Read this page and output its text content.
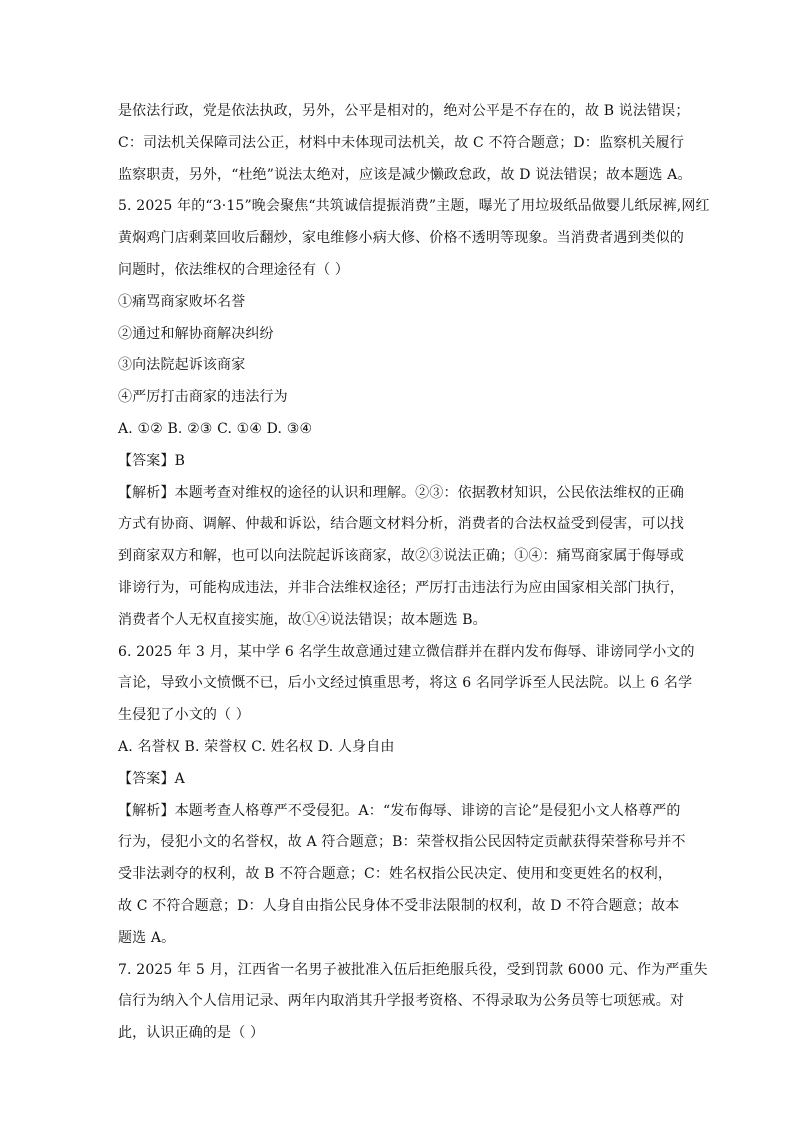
是依法行政，党是依法执政，另外，公平是相对的，绝对公平是不存在的，故 B 说法错误；
C：司法机关保障司法公正，材料中未体现司法机关，故 C 不符合题意；D：监察机关履行
监察职责，另外，“杜绝”说法太绝对，应该是减少懒政怠政，故 D 说法错误；故本题选 A。
5. 2025 年的“3·15”晚会聚焦“共筑诚信提振消费”主题，曝光了用垃圾纸品做婴儿纸尿裤,网红
黄焖鸡门店剩菜回收后翻炒，家电维修小病大修、价格不透明等现象。当消费者遇到类似的
问题时，依法维权的合理途径有（ ）
①痛骂商家败坏名誉
②通过和解协商解决纠纷
③向法院起诉该商家
④严厉打击商家的违法行为
A. ①② B. ②③ C. ①④ D. ③④
【答案】B
【解析】本题考查对维权的途径的认识和理解。②③：依据教材知识，公民依法维权的正确
方式有协商、调解、仲裁和诉讼，结合题文材料分析，消费者的合法权益受到侵害，可以找
到商家双方和解，也可以向法院起诉该商家，故②③说法正确；①④：痛骂商家属于侮辱或
诽谤行为，可能构成违法，并非合法维权途径；严厉打击违法行为应由国家相关部门执行，
消费者个人无权直接实施，故①④说法错误；故本题选 B。
6. 2025 年 3 月，某中学 6 名学生故意通过建立微信群并在群内发布侮辱、诽谤同学小文的
言论，导致小文愤慨不已，后小文经过慎重思考，将这 6 名同学诉至人民法院。以上 6 名学
生侵犯了小文的（ ）
A. 名誉权 B. 荣誉权 C. 姓名权 D. 人身自由
【答案】A
【解析】本题考查人格尊严不受侵犯。A：“发布侮辱、诽谤的言论”是侵犯小文人格尊严的
行为，侵犯小文的名誉权，故 A 符合题意；B：荣誉权指公民因特定贡献获得荣誉称号并不
受非法剥夺的权利，故 B 不符合题意；C：姓名权指公民决定、使用和变更姓名的权利，
故 C 不符合题意；D：人身自由指公民身体不受非法限制的权利，故 D 不符合题意；故本
题选 A。
7. 2025 年 5 月，江西省一名男子被批准入伍后拒绝服兵役，受到罚款 6000 元、作为严重失
信行为纳入个人信用记录、两年内取消其升学报考资格、不得录取为公务员等七项惩戒。对
此，认识正确的是（ ）
